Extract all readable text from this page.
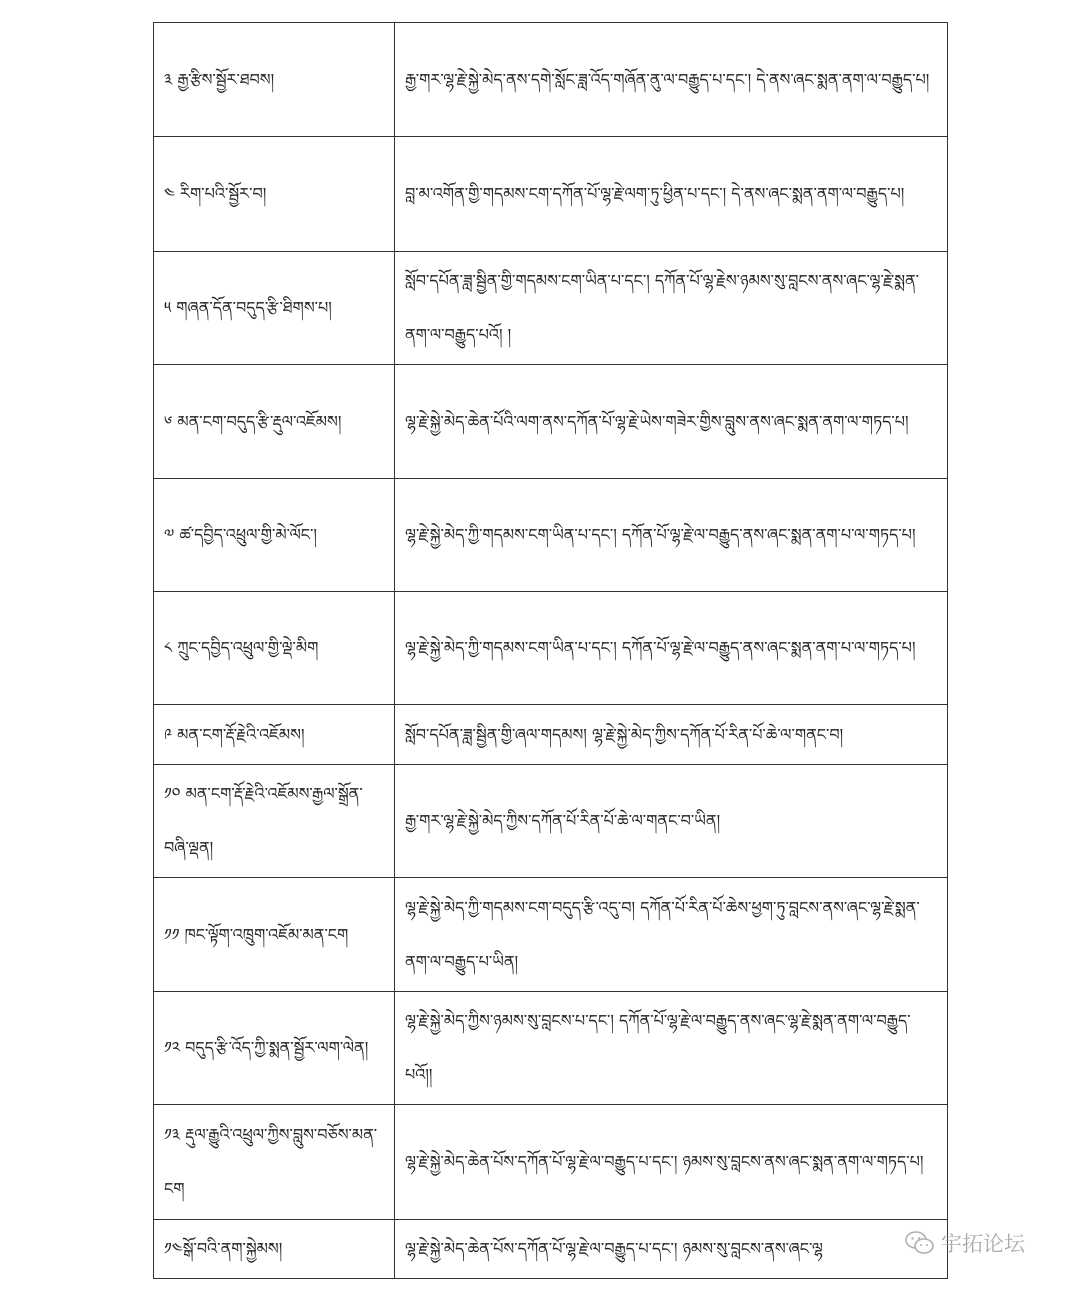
༣ རྒྱ་རྩིས་སྦྱོར་ཐབས།	རྒྱ་གར་ལྷ་རྗེ་སྐྱེ་མེད་ནས་དགེ་སློང་ཟླ་འོད་གཞོན་ནུ་ལ་བརྒྱུད་པ་དང་། དེ་ནས་ཞང་སྨན་ནག་ལ་བརྒྱུད་པ།
༤ རིག་པའི་སྦྱོར་བ།	བླ་མ་འགོན་གྱི་གདམས་ངག་དཀོན་པོ་ལྷ་རྗེ་ལག་ཏུ་ཕྱིན་པ་དང་། དེ་ནས་ཞང་སྨན་ནག་ལ་བརྒྱུད་པ།
༥ གཞན་དོན་བདུད་རྩི་ཐིགས་པ།	སློབ་དཔོན་ཟླ་སྦྱིན་གྱི་གདམས་ངག་ཡིན་པ་དང་། དཀོན་པོ་ལྷ་རྗེས་ཉམས་སུ་བླངས་ནས་ཞང་ལྷ་རྗེ་སྨན་ནག་ལ་བརྒྱུད་པའོ། །
༦ མན་ངག་བདུད་རྩི་རྡུལ་འཇོམས།	ལྷ་རྗེ་སྐྱེ་མེད་ཆེན་པོའི་ལག་ནས་དཀོན་པོ་ལྷ་རྗེ་ཡེས་གཟེར་གྱིས་བླུས་ནས་ཞང་སྨན་ནག་ལ་གཏད་པ།
༧ ཚ་དབྱིད་འཕྲུལ་གྱི་མེ་ལོང་།	ལྷ་རྗེ་སྐྱེ་མེད་ཀྱི་གདམས་ངག་ཡིན་པ་དང་། དཀོན་པོ་ལྷ་རྗེ་ལ་བརྒྱུད་ནས་ཞང་སྨན་ནག་པ་ལ་གཏད་པ།
༨ ཀྲུང་དབྱིད་འཕྲུལ་གྱི་ལྡེ་མིག	ལྷ་རྗེ་སྐྱེ་མེད་ཀྱི་གདམས་ངག་ཡིན་པ་དང་། དཀོན་པོ་ལྷ་རྗེ་ལ་བརྒྱུད་ནས་ཞང་སྨན་ནག་པ་ལ་གཏད་པ།
༩ མན་ངག་རྡོ་རྗེའི་འཇོམས།	སློབ་དཔོན་ཟླ་སྦྱིན་གྱི་ཞལ་གདམས། ལྷ་རྗེ་སྐྱེ་མེད་ཀྱིས་དཀོན་པོ་རིན་པོ་ཆེ་ལ་གནང་བ།
༡༠ མན་ངག་རྡོ་རྗེའི་འཇོམས་རྒྱལ་སྒྲོན་བཞི་ལྡན།	རྒྱ་གར་ལྷ་རྗེ་སྐྱེ་མེད་ཀྱིས་དཀོན་པོ་རིན་པོ་ཆེ་ལ་གནང་བ་ཡིན།
༡༡ ཁང་ལྟོག་འཁྲུག་འཇོམ་མན་ངག	ལྷ་རྗེ་སྐྱེ་མེད་ཀྱི་གདམས་ངག་བདུད་རྩི་འདུ་བ། དཀོན་པོ་རིན་པོ་ཆེས་ཕྱག་ཏུ་བླངས་ནས་ཞང་ལྷ་རྗེ་སྨན་ནག་ལ་བརྒྱུད་པ་ཡིན།
༡༢ བདུད་རྩི་འོད་ཀྱི་སྨན་སྦྱོར་ལག་ལེན།	ལྷ་རྗེ་སྐྱེ་མེད་ཀྱིས་ཉམས་སུ་བླངས་པ་དང་། དཀོན་པོ་ལྷ་རྗེ་ལ་བརྒྱུད་ནས་ཞང་ལྷ་རྗེ་སྨན་ནག་ལ་བརྒྱུད་པའོ།།
༡༣ རྡུལ་རྒྱུའི་འཕྲུལ་ཀྱིས་བླུས་བཅོས་མན་ངག	ལྷ་རྗེ་སྐྱེ་མེད་ཆེན་པོས་དཀོན་པོ་ལྷ་རྗེ་ལ་བརྒྱུད་པ་དང་། ཉམས་སུ་བླངས་ནས་ཞང་སྨན་ནག་ལ་གཏད་པ།
༡༤སྒོ་བའི་ནག་སྐྱེམས།	ལྷ་རྗེ་སྐྱེ་མེད་ཆེན་པོས་དཀོན་པོ་ལྷ་རྗེ་ལ་བརྒྱུད་པ་དང་། ཉམས་སུ་བླངས་ནས་ཞང་ལྷ	宇拓论坛
